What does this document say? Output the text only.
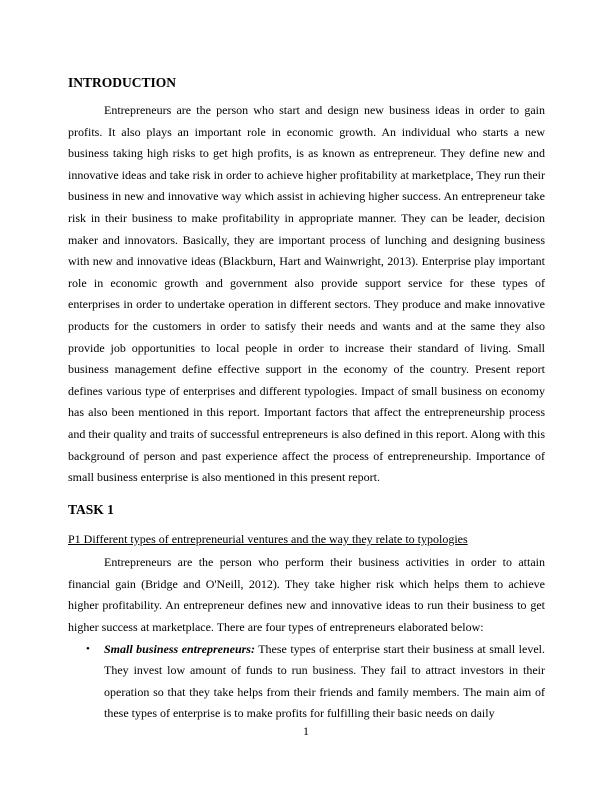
INTRODUCTION

Entrepreneurs are the person who start and design new business ideas in order to gain profits. It also plays an important role in economic growth. An individual who starts a new business taking high risks to get high profits, is as known as entrepreneur. They define new and innovative ideas and take risk in order to achieve higher profitability at marketplace, They run their business in new and innovative way which assist in achieving higher success. An entrepreneur take risk in their business to make profitability in appropriate manner. They can be leader, decision maker and innovators. Basically, they are important process of lunching and designing business with new and innovative ideas (Blackburn, Hart and Wainwright, 2013). Enterprise play important role in economic growth and government also provide support service for these types of enterprises in order to undertake operation in different sectors. They produce and make innovative products for the customers in order to satisfy their needs and wants and at the same they also provide job opportunities to local people in order to increase their standard of living. Small business management define effective support in the economy of the country. Present report defines various type of enterprises and different typologies. Impact of small business on economy has also been mentioned in this report. Important factors that affect the entrepreneurship process and their quality and traits of successful entrepreneurs is also defined in this report. Along with this background of person and past experience affect the process of entrepreneurship. Importance of small business enterprise is also mentioned in this present report.

TASK 1
P1 Different types of entrepreneurial ventures and the way they relate to typologies

Entrepreneurs are the person who perform their business activities in order to attain financial gain (Bridge and O'Neill, 2012). They take higher risk which helps them to achieve higher profitability. An entrepreneur defines new and innovative ideas to run their business to get higher success at marketplace. There are four types of entrepreneurs elaborated below:

•	Small business entrepreneurs: These types of enterprise start their business at small level. They invest low amount of funds to run business. They fail to attract investors in their operation so that they take helps from their friends and family members. The main aim of these types of enterprise is to make profits for fulfilling their basic needs on daily
1
